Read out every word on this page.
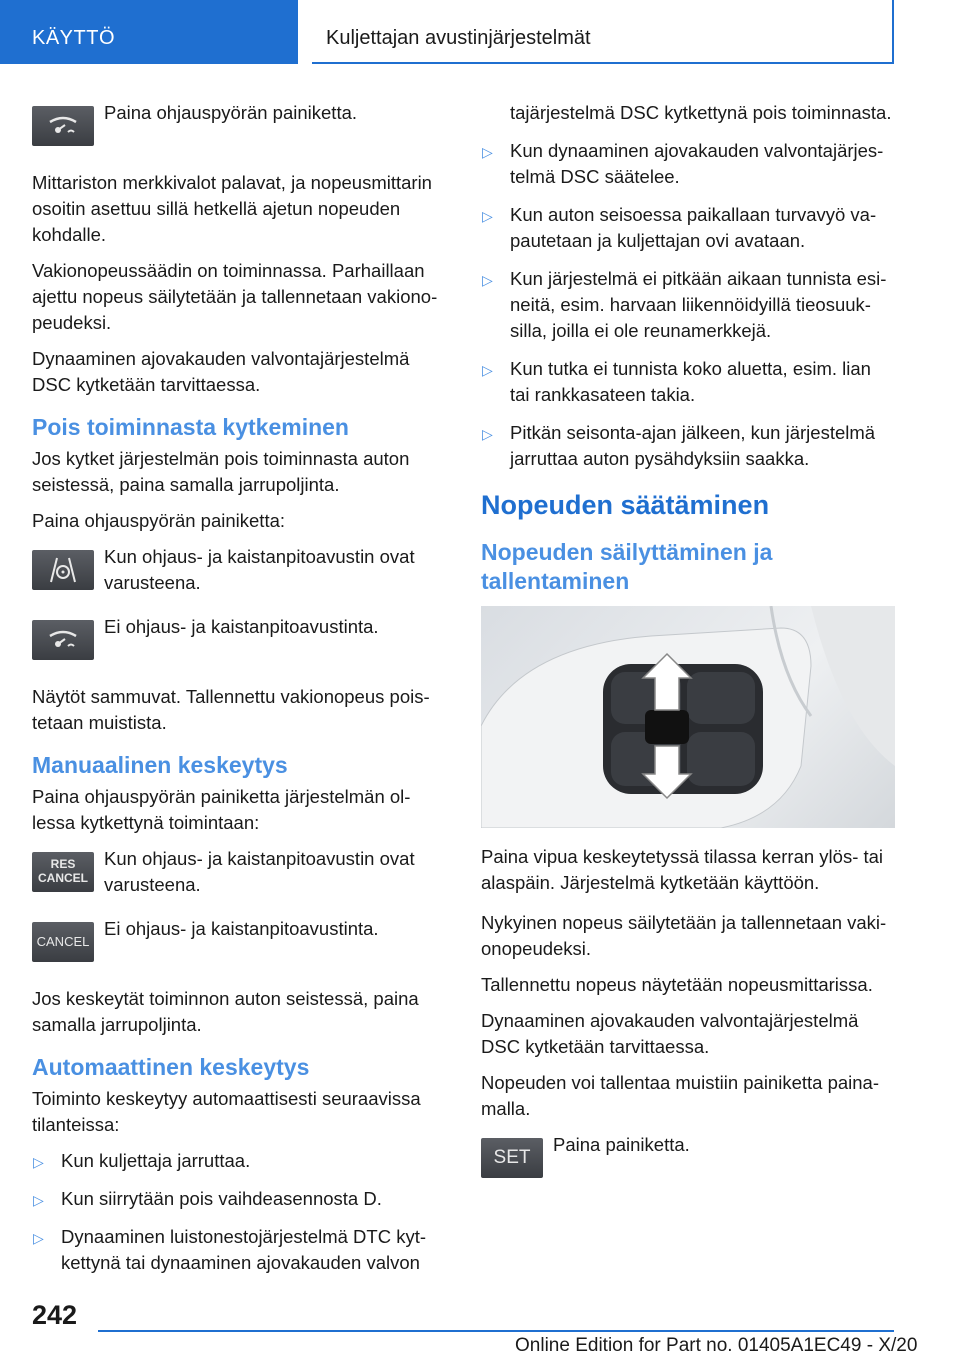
KÄYTTÖ	Kuljettajan avustinjärjestelmät
Paina ohjauspyörän painiketta.

Mittariston merkkivalot palavat, ja nopeusmittarin osoitin asettuu sillä hetkellä ajetun nopeuden kohdalle.

Vakionopeussäädin on toiminnassa. Parhaillaan ajettu nopeus säilytetään ja tallennetaan vakionopeudeksi.

Dynaaminen ajovakauden valvontajärjestelmä DSC kytketään tarvittaessa.

Pois toiminnasta kytkeminen

Jos kytket järjestelmän pois toiminnasta auton seistessä, paina samalla jarrupoljinta.

Paina ohjauspyörän painiketta:

Kun ohjaus- ja kaistanpitoavustin ovat varusteena.
Ei ohjaus- ja kaistanpitoavustinta.

Näytöt sammuvat. Tallennettu vakionopeus poistetaan muistista.

Manuaalinen keskeytys

Paina ohjauspyörän painiketta järjestelmän ollessa kytkettynä toimintaan:

RES
CANCEL
Kun ohjaus- ja kaistanpitoavustin ovat varusteena.
CANCEL
Ei ohjaus- ja kaistanpitoavustinta.

Jos keskeytät toiminnon auton seistessä, paina samalla jarrupoljinta.

Automaattinen keskeytys

Toiminto keskeytyy automaattisesti seuraavissa tilanteissa:

▷ Kun kuljettaja jarruttaa.
▷ Kun siirrytään pois vaihdeasennosta D.
▷ Dynaaminen luistonestojärjestelmä DTC kytkettynä tai dynaaminen ajovakauden valvon

tajärjestelmä DSC kytkettynä pois toiminnasta.

▷ Kun dynaaminen ajovakauden valvontajärjestelmä DSC säätelee.
▷ Kun auton seisoessa paikallaan turvavyö vapautetaan ja kuljettajan ovi avataan.
▷ Kun järjestelmä ei pitkään aikaan tunnista esineitä, esim. harvaan liikennöidyillä tieosuuksilla, joilla ei ole reunamerkkejä.
▷ Kun tutka ei tunnista koko aluetta, esim. lian tai rankkasateen takia.
▷ Pitkän seisonta-ajan jälkeen, kun järjestelmä jarruttaa auton pysähdyksiin saakka.
Nopeuden säätäminen
Nopeuden säilyttäminen ja tallentaminen

Paina vipua keskeytetyssä tilassa kerran ylös- tai alaspäin. Järjestelmä kytketään käyttöön.

Nykyinen nopeus säilytetään ja tallennetaan vakionopeudeksi.

Tallennettu nopeus näytetään nopeusmittarissa.

Dynaaminen ajovakauden valvontajärjestelmä DSC kytketään tarvittaessa.

Nopeuden voi tallentaa muistiin painiketta painamalla.

SET
Paina painiketta.
242
Online Edition for Part no. 01405A1EC49 - X/20
